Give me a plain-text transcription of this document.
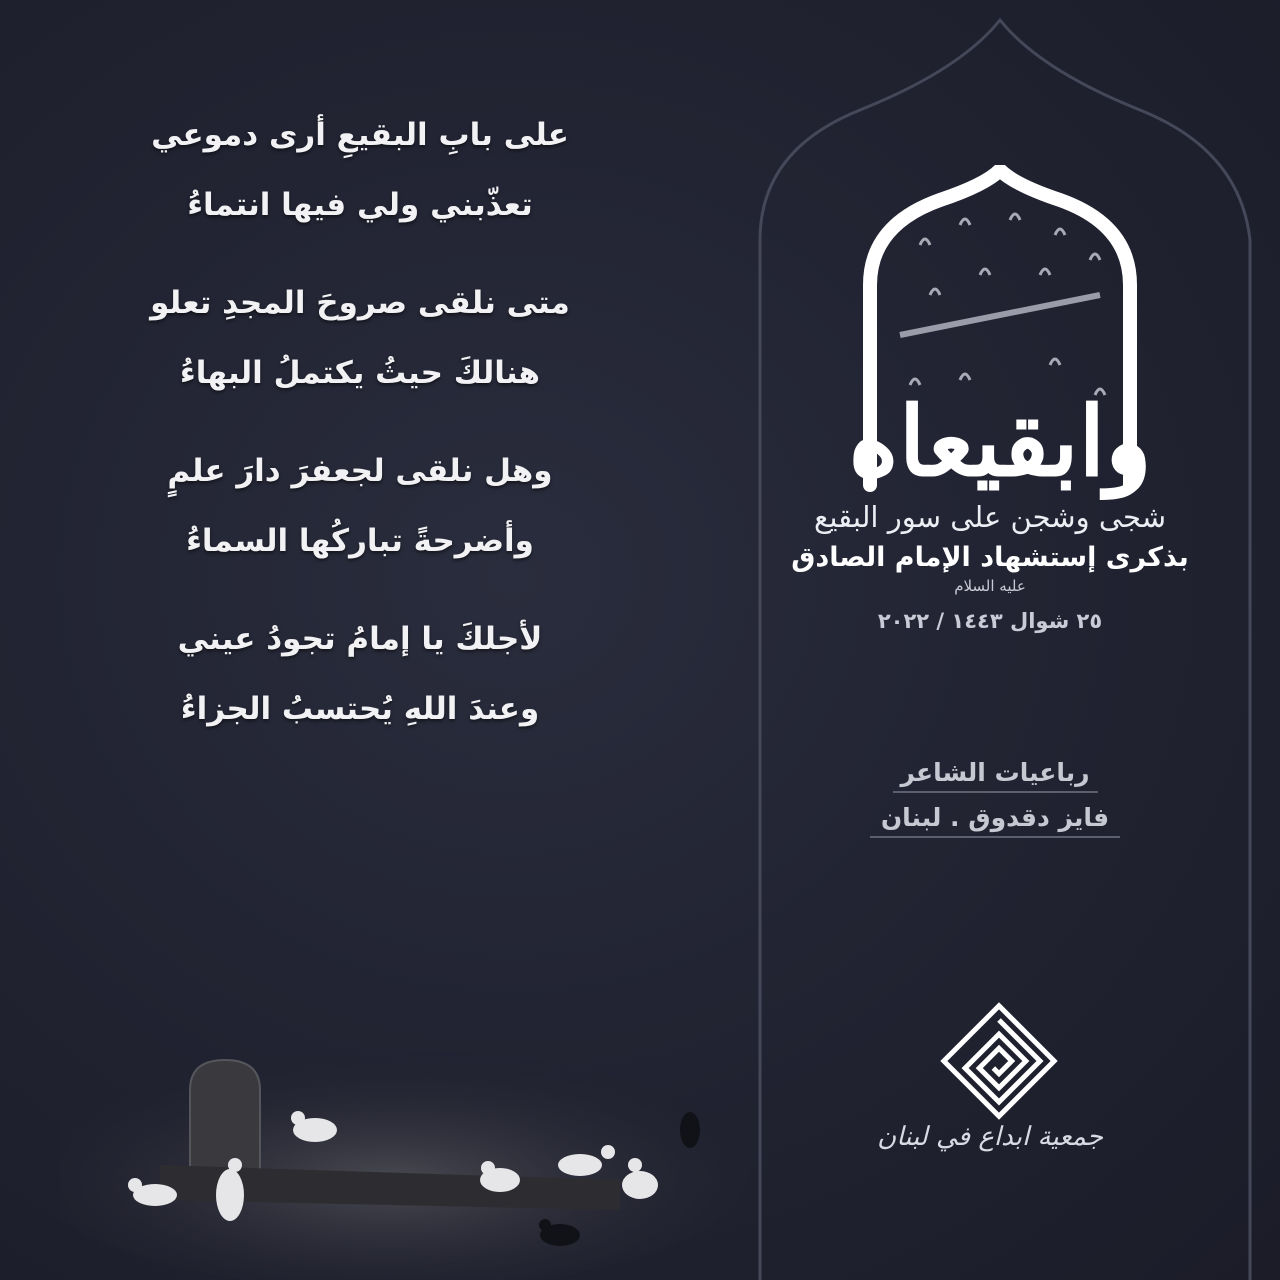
على بابِ البقيعِ أرى دموعي
تعذّبني ولي فيها انتماءُ
متى نلقى صروحَ المجدِ تعلو
هنالكَ حيثُ يكتملُ البهاءُ
وهل نلقى لجعفرَ دارَ علمٍ
وأضرحةً تباركُها السماءُ
لأجلكَ يا إمامُ تجودُ عيني
وعندَ اللهِ يُحتسبُ الجزاءُ
وابقيعاه
شجى وشجن على سور البقيع
بذكرى إستشهاد الإمام الصادق
عليه السلام
٢٥ شوال ١٤٤٣ / ٢٠٢٢
رباعيات الشاعر
فايز دقدوق . لبنان
جمعية ابداع في لبنان
